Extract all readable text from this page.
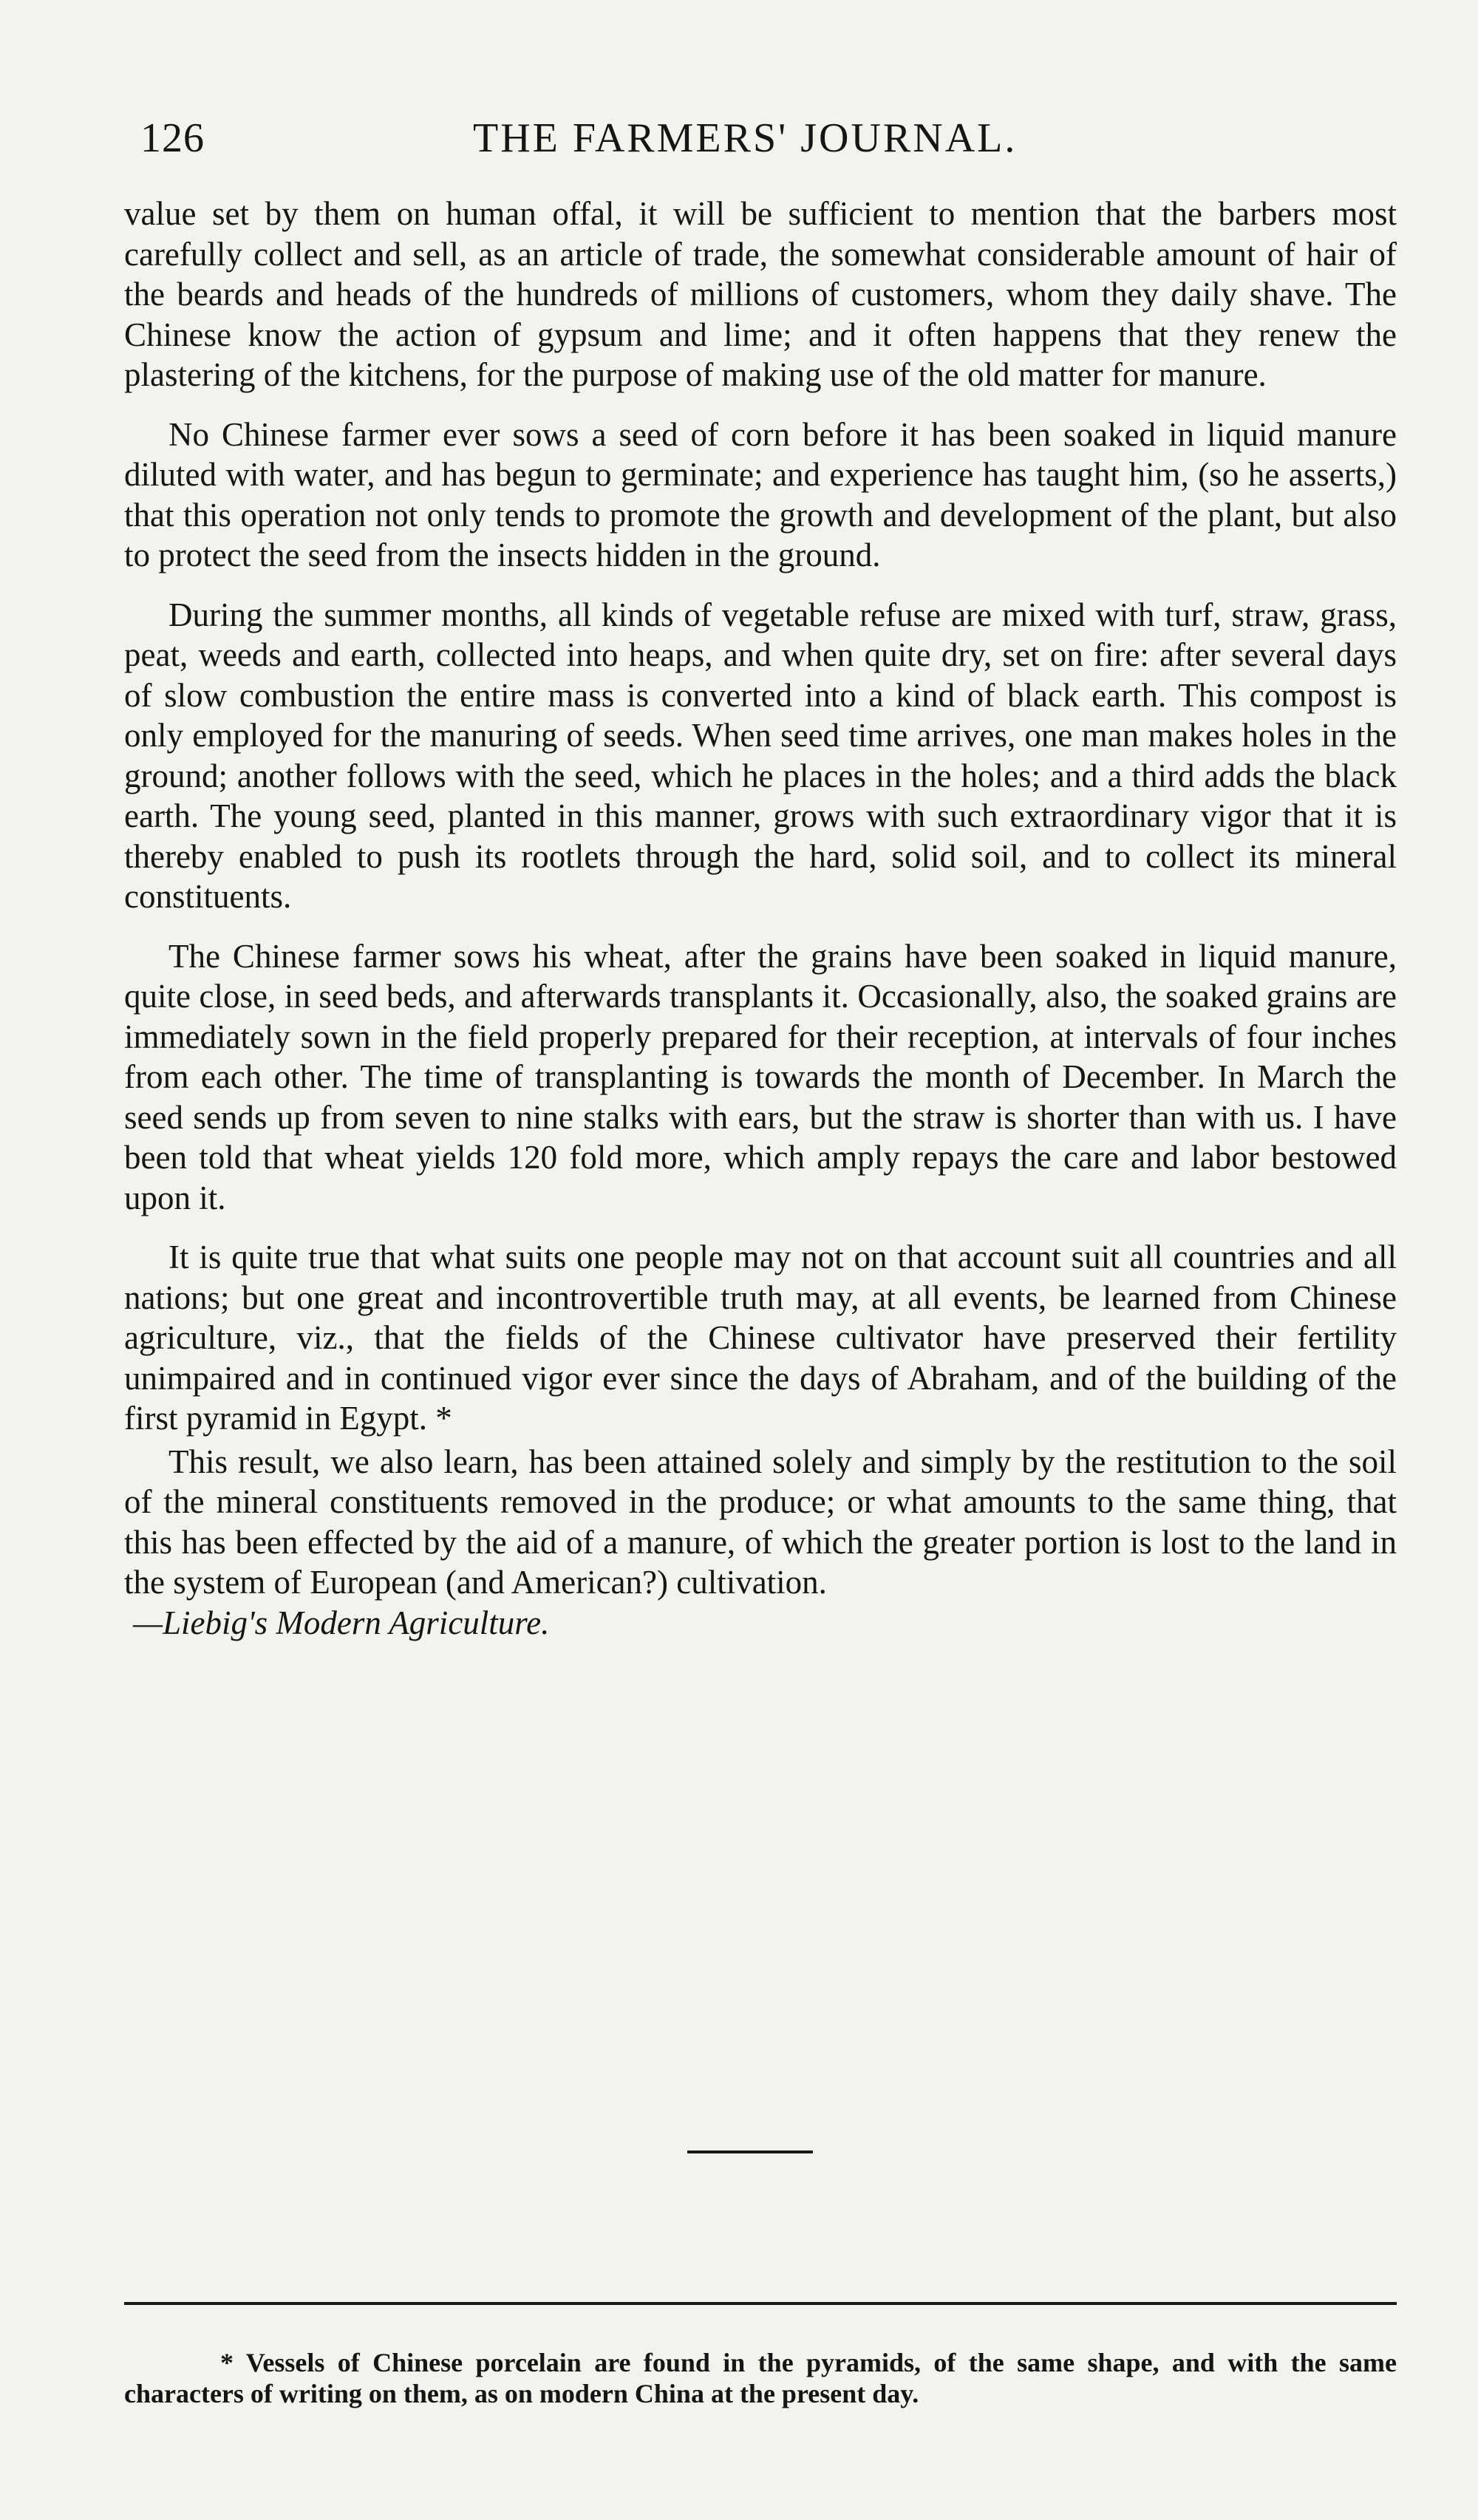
126	THE FARMERS' JOURNAL.

value set by them on human offal, it will be sufficient to mention that the barbers most carefully collect and sell, as an article of trade, the somewhat considerable amount of hair of the beards and heads of the hundreds of millions of customers, whom they daily shave. The Chinese know the action of gypsum and lime; and it often happens that they renew the plastering of the kitchens, for the purpose of making use of the old matter for manure.

No Chinese farmer ever sows a seed of corn before it has been soaked in liquid manure diluted with water, and has begun to germinate; and experience has taught him, (so he asserts,) that this operation not only tends to promote the growth and development of the plant, but also to protect the seed from the insects hidden in the ground.

During the summer months, all kinds of vegetable refuse are mixed with turf, straw, grass, peat, weeds and earth, collected into heaps, and when quite dry, set on fire: after several days of slow combustion the entire mass is converted into a kind of black earth. This compost is only employed for the manuring of seeds. When seed time arrives, one man makes holes in the ground; another follows with the seed, which he places in the holes; and a third adds the black earth. The young seed, planted in this manner, grows with such extraordinary vigor that it is thereby enabled to push its rootlets through the hard, solid soil, and to collect its mineral constituents.

The Chinese farmer sows his wheat, after the grains have been soaked in liquid manure, quite close, in seed beds, and afterwards transplants it. Occasionally, also, the soaked grains are immediately sown in the field properly prepared for their reception, at intervals of four inches from each other. The time of transplanting is towards the month of December. In March the seed sends up from seven to nine stalks with ears, but the straw is shorter than with us. I have been told that wheat yields 120 fold more, which amply repays the care and labor bestowed upon it.

It is quite true that what suits one people may not on that account suit all countries and all nations; but one great and incontrovertible truth may, at all events, be learned from Chinese agriculture, viz., that the fields of the Chinese cultivator have preserved their fertility unimpaired and in continued vigor ever since the days of Abraham, and of the building of the first pyramid in Egypt. *

This result, we also learn, has been attained solely and simply by the restitution to the soil of the mineral constituents removed in the produce; or what amounts to the same thing, that this has been effected by the aid of a manure, of which the greater portion is lost to the land in the system of European (and American?) cultivation.

—Liebig's Modern Agriculture.

* Vessels of Chinese porcelain are found in the pyramids, of the same shape, and with the same characters of writing on them, as on modern China at the present day.
